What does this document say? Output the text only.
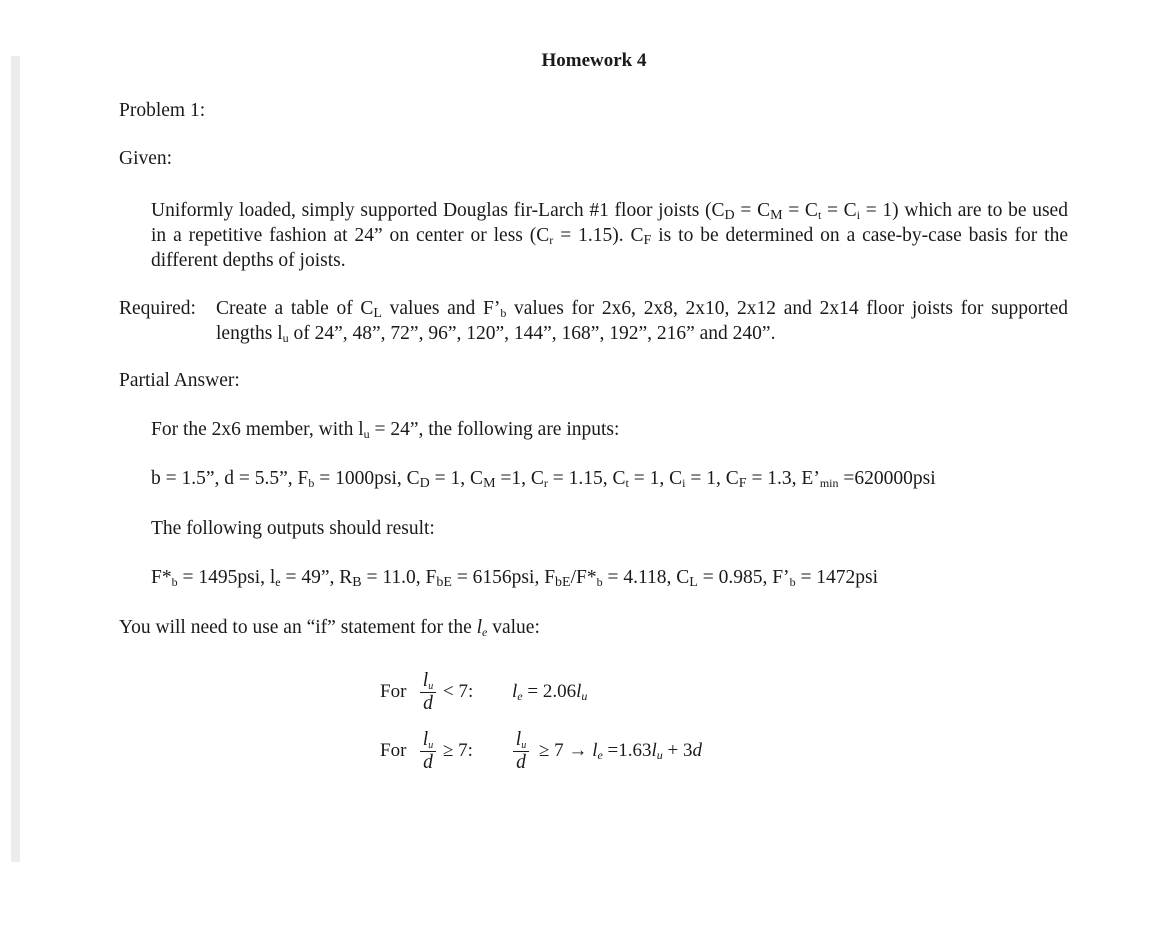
Homework 4
Problem 1:
Given:
Uniformly loaded, simply supported Douglas fir-Larch #1 floor joists $(C_D = C_M = C_t = C_i = 1)$ which are to be used in a repetitive fashion at 24” on center or less $(C_r = 1.15)$. $C_F$ is to be determined on a case-by-case basis for the different depths of joists.
Required: Create a table of $C_L$ values and $F’_b$ values for 2x6, 2x8, 2x10, 2x12 and 2x14 floor joists for supported lengths $l_u$ of 24”, 48”, 72”, 96”, 120”, 144”, 168”, 192”, 216” and 240”.
Partial Answer:
For the 2x6 member, with $l_u = 24$”, the following are inputs:
b = 1.5”, d = 5.5”, $F_b = 1000psi$, $C_D = 1$, $C_M =1$, $C_r = 1.15$, $C_t = 1$, $C_i = 1$, $C_F = 1.3$, $E’_{min} =620000psi$
The following outputs should result:
$F*_b = 1495psi$, $l_e = 49$”, $R_B = 11.0$, $F_{bE} = 6156psi$, $F_{bE}/F*_b = 4.118$, $C_L = 0.985$, $F’_b = 1472psi$
You will need to use an “if” statement for the $l_e$ value:
For
$l_u$
d
< 7: $l_e = 2.06l_u$
For
$l_u$
d
≥ 7:
$l_u$
d
≥ $7 \to l_e =1.63l_u + 3d$
